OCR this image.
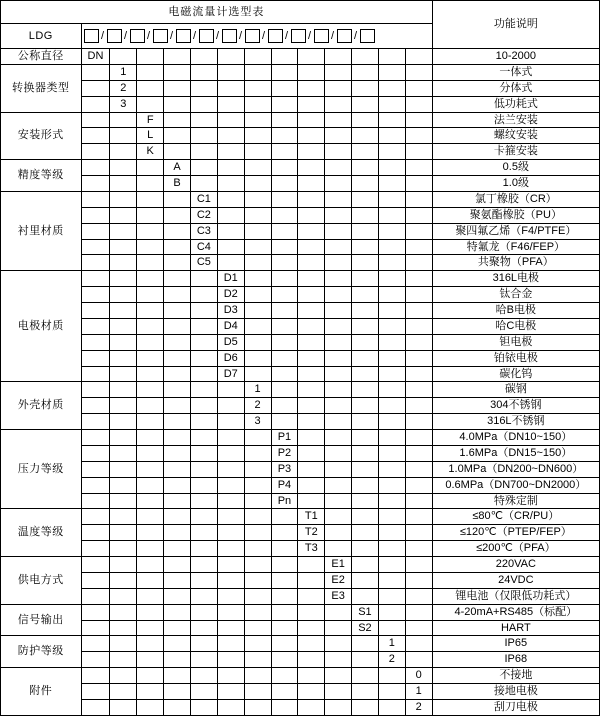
电磁流量计选型表														功能说明
LDG	/ / / / / / / / / / / /

公称直径	DN													10-2000
转换器类型		1												一体式
		2												分体式
		3												低功耗式
安装形式			F											法兰安装
			L											螺纹安装
			K											卡箍安装
精度等级				A										0.5级
				B										1.0级
衬里材质					C1									氯丁橡胶（CR）
					C2									聚氨酯橡胶（PU）
					C3									聚四氟乙烯（F4/PTFE）
					C4									特氟龙（F46/FEP）
					C5									共聚物（PFA）
电极材质						D1								316L电极
						D2								钛合金
						D3								哈B电极
						D4								哈C电极
						D5								钽电极
						D6								铂铱电极
						D7								碳化钨
外壳材质							1							碳钢
							2							304不锈钢
							3							316L不锈钢
压力等级								P1						4.0MPa（DN10~150）
								P2						1.6MPa（DN15~150）
								P3						1.0MPa（DN200~DN600）
								P4						0.6MPa（DN700~DN2000）
								Pn						特殊定制
温度等级									T1					≤80℃（CR/PU）
									T2					≤120℃（PTEP/FEP）
									T3					≤200℃（PFA）
供电方式										E1				220VAC
										E2				24VDC
										E3				锂电池（仅限低功耗式）
信号输出											S1			4-20mA+RS485（标配）
											S2			HART
防护等级												1		IP65
												2		IP68
附件													0	不接地
													1	接地电极
													2	刮刀电极
